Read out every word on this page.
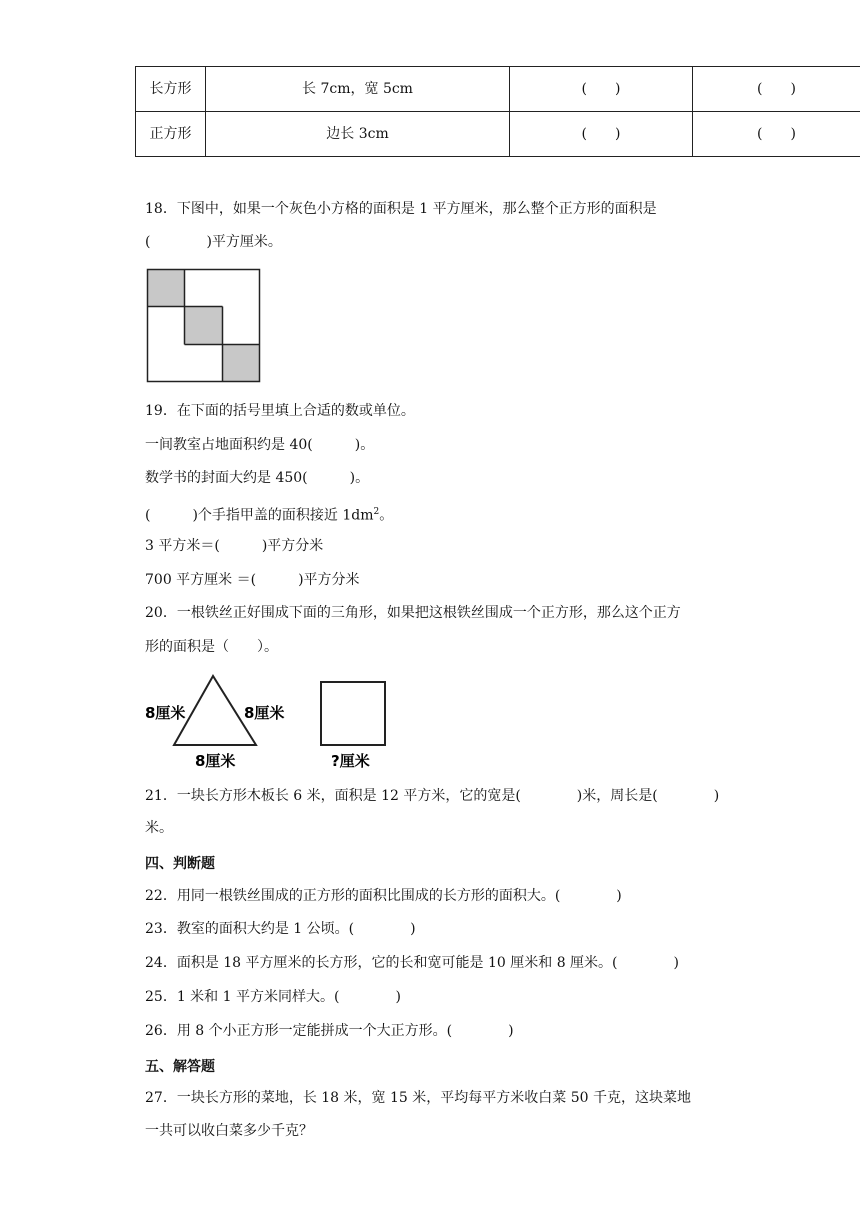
长方形	长 7cm，宽 5cm	(　　)	(　　)
正方形	边长 3cm	(　　)	(　　)
18．下图中，如果一个灰色小方格的面积是 1 平方厘米，那么整个正方形的面积是
(　　　　)平方厘米。
19．在下面的括号里填上合适的数或单位。
一间教室占地面积约是 40(　　　)。
数学书的封面大约是 450(　　　)。
(　　　)个手指甲盖的面积接近 $1dm^2$。
3 平方米＝(　　　)平方分米
700 平方厘米 ＝(　　　)平方分米
20．一根铁丝正好围成下面的三角形，如果把这根铁丝围成一个正方形，那么这个正方
形的面积是（　　）。
8厘米	8厘米
8厘米	?厘米
21．一块长方形木板长 6 米，面积是 12 平方米，它的宽是(　　　　)米，周长是(　　　　)
米。
四、判断题
22．用同一根铁丝围成的正方形的面积比围成的长方形的面积大。(　　　　)
23．教室的面积大约是 1 公顷。(　　　　)
24．面积是 18 平方厘米的长方形，它的长和宽可能是 10 厘米和 8 厘米。(　　　　)
25．1 米和 1 平方米同样大。(　　　　)
26．用 8 个小正方形一定能拼成一个大正方形。(　　　　)
五、解答题
27．一块长方形的菜地，长 18 米，宽 15 米，平均每平方米收白菜 50 千克，这块菜地
一共可以收白菜多少千克？
